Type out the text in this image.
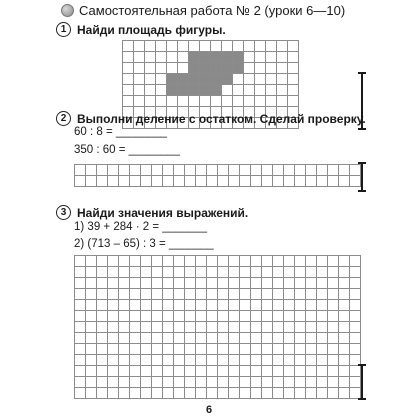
Самостоятельная работа № 2 (уроки 6—10)
1 Найди площадь фигуры.
2 Выполни деление с остатком. Сделай проверку.
60 : 8 = ________
350 : 60 = ________
3 Найди значения выражений.
1) 39 + 284 · 2 = _______
2) (713 – 65) : 3 = _______
6
